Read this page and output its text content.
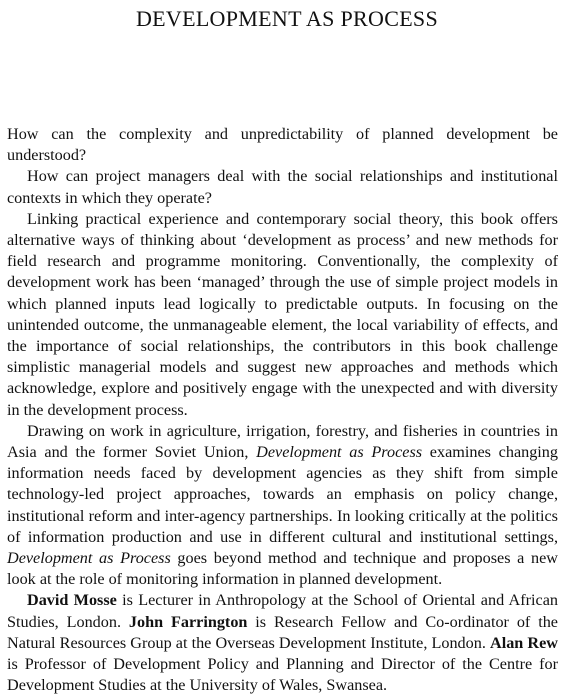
DEVELOPMENT AS PROCESS

How can the complexity and unpredictability of planned development be understood?

How can project managers deal with the social relationships and institutional contexts in which they operate?

Linking practical experience and contemporary social theory, this book offers alternative ways of thinking about ‘development as process’ and new methods for field research and programme monitoring. Conventionally, the complexity of development work has been ‘managed’ through the use of simple project models in which planned inputs lead logically to predictable outputs. In focusing on the unintended outcome, the unmanageable element, the local variability of effects, and the importance of social relationships, the contributors in this book challenge simplistic managerial models and suggest new approaches and methods which acknowledge, explore and positively engage with the unexpected and with diversity in the development process.

Drawing on work in agriculture, irrigation, forestry, and fisheries in countries in Asia and the former Soviet Union, Development as Process examines changing information needs faced by development agencies as they shift from simple technology-led project approaches, towards an emphasis on policy change, institutional reform and inter-agency partnerships. In looking critically at the politics of information production and use in different cultural and institutional settings, Development as Process goes beyond method and technique and proposes a new look at the role of monitoring information in planned development.

David Mosse is Lecturer in Anthropology at the School of Oriental and African Studies, London. John Farrington is Research Fellow and Co-ordinator of the Natural Resources Group at the Overseas Development Institute, London. Alan Rew is Professor of Development Policy and Planning and Director of the Centre for Development Studies at the University of Wales, Swansea.
